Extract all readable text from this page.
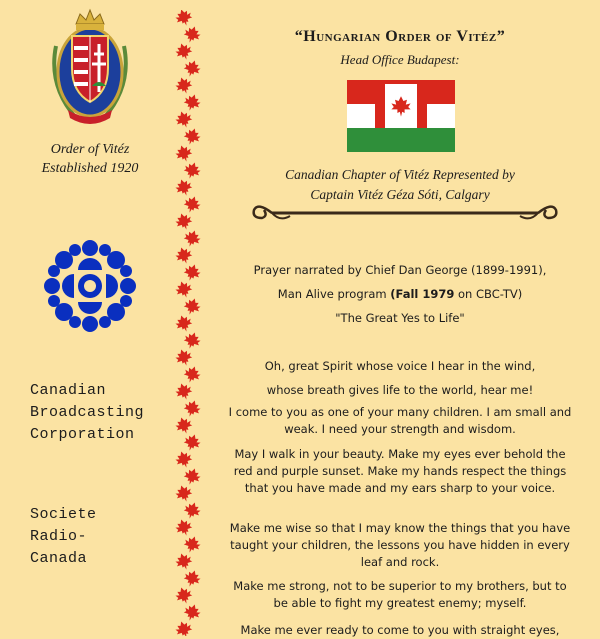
Order of Vitéz
Established 1920
Canadian
Broadcasting
Corporation
Societe
Radio-
Canada
“Hungarian Order of Vitéz”
Head Office Budapest:
Canadian Chapter of Vitéz Represented by
Captain Vitéz Géza Sóti, Calgary
Prayer narrated by Chief Dan George (1899-1991),
Man Alive program (Fall 1979 on CBC-TV)
"The Great Yes to Life"
Oh, great Spirit whose voice I hear in the wind,
whose breath gives life to the world, hear me!
I come to you as one of your many children. I am small and weak. I need your strength and wisdom.
May I walk in your beauty. Make my eyes ever behold the red and purple sunset. Make my hands respect the things that you have made and my ears sharp to your voice.
Make me wise so that I may know the things that you have taught your children, the lessons you have hidden in every leaf and rock.
Make me strong, not to be superior to my brothers, but to be able to fight my greatest enemy; myself.
Make me ever ready to come to you with straight eyes,
